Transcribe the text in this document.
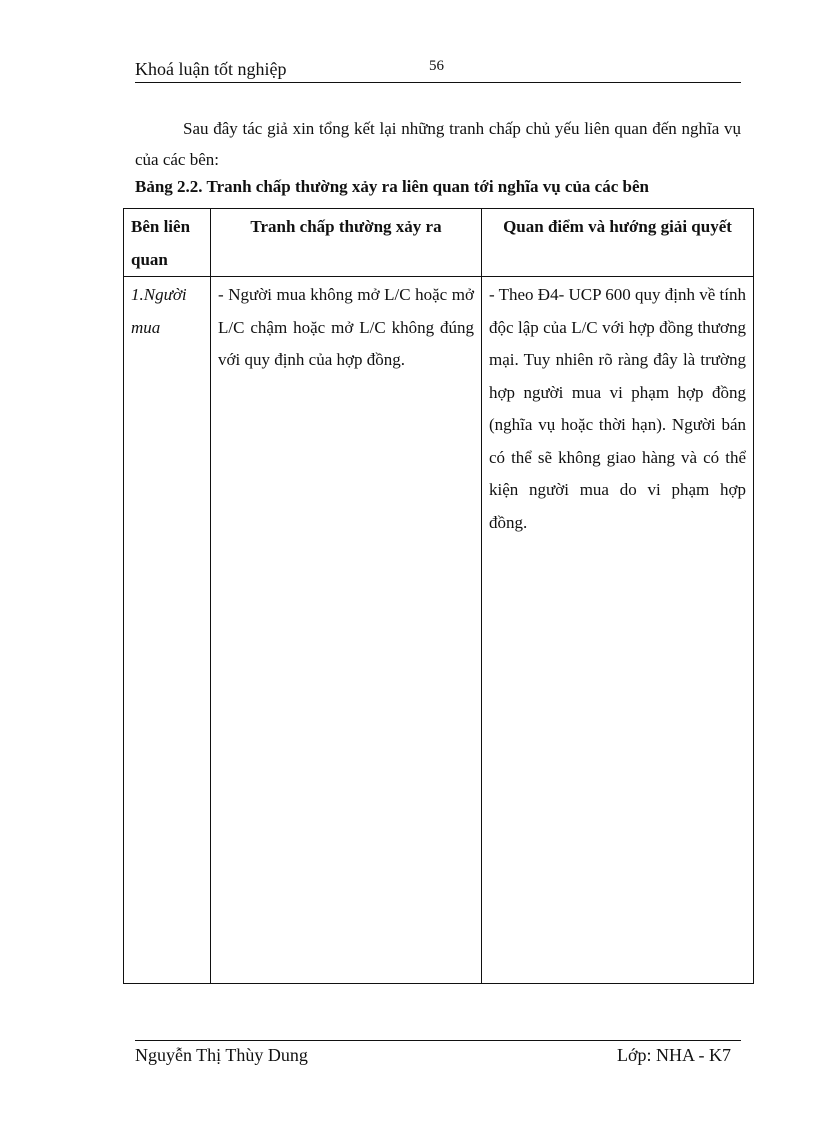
Khoá luận tốt nghiệp	56
Sau đây tác giả xin tổng kết lại những tranh chấp chủ yếu liên quan đến nghĩa vụ của các bên:
Bảng 2.2. Tranh chấp thường xảy ra liên quan tới nghĩa vụ của các bên
Bên liên quan	Tranh chấp thường xảy ra	Quan điểm và hướng giải quyết
1.Người mua	- Người mua không mở L/C hoặc mở L/C chậm hoặc mở L/C không đúng với quy định của hợp đồng.	- Theo Đ4- UCP 600 quy định về tính độc lập của L/C với hợp đồng thương mại. Tuy nhiên rõ ràng đây là trường hợp người mua vi phạm hợp đồng (nghĩa vụ hoặc thời hạn). Người bán có thể sẽ không giao hàng và có thể kiện người mua do vi phạm hợp đồng.
Nguyễn Thị Thùy Dung	Lớp: NHA - K7
